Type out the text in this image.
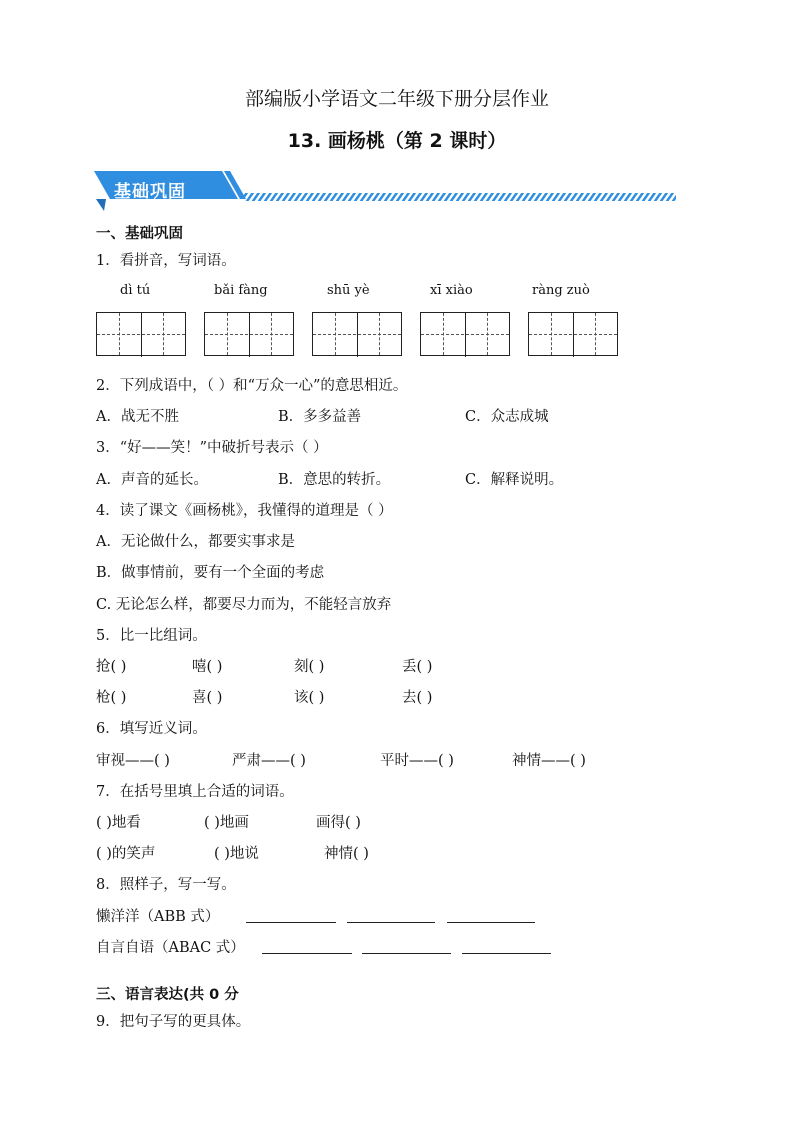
部编版小学语文二年级下册分层作业
13. 画杨桃（第 2 课时）
基础巩固
一、基础巩固
1．看拼音，写词语。
dì tú	bǎi fàng	shū yè	xī xiào	ràng zuò
2．下列成语中，（ ）和“万众一心”的意思相近。
A．战无不胜	B．多多益善	C．众志成城
3．“好——笑！”中破折号表示（ ）
A．声音的延长。	B．意思的转折。	C．解释说明。
4．读了课文《画杨桃》，我懂得的道理是（ ）
A．无论做什么，都要实事求是
B．做事情前，要有一个全面的考虑
C. 无论怎么样，都要尽力而为，不能轻言放弃
5．比一比组词。
抢( )	嘻( )	刻( )	丢( )
枪( )	喜( )	该( )	去( )
6．填写近义词。
审视——( )	严肃——( )	平时——( )	神情——( )
7．在括号里填上合适的词语。
( )地看	( )地画	画得( )
( )的笑声	( )地说	神情( )
8．照样子，写一写。
懒洋洋（ABB 式）
自言自语（ABAC 式）
三、语言表达(共 0 分
9．把句子写的更具体。
